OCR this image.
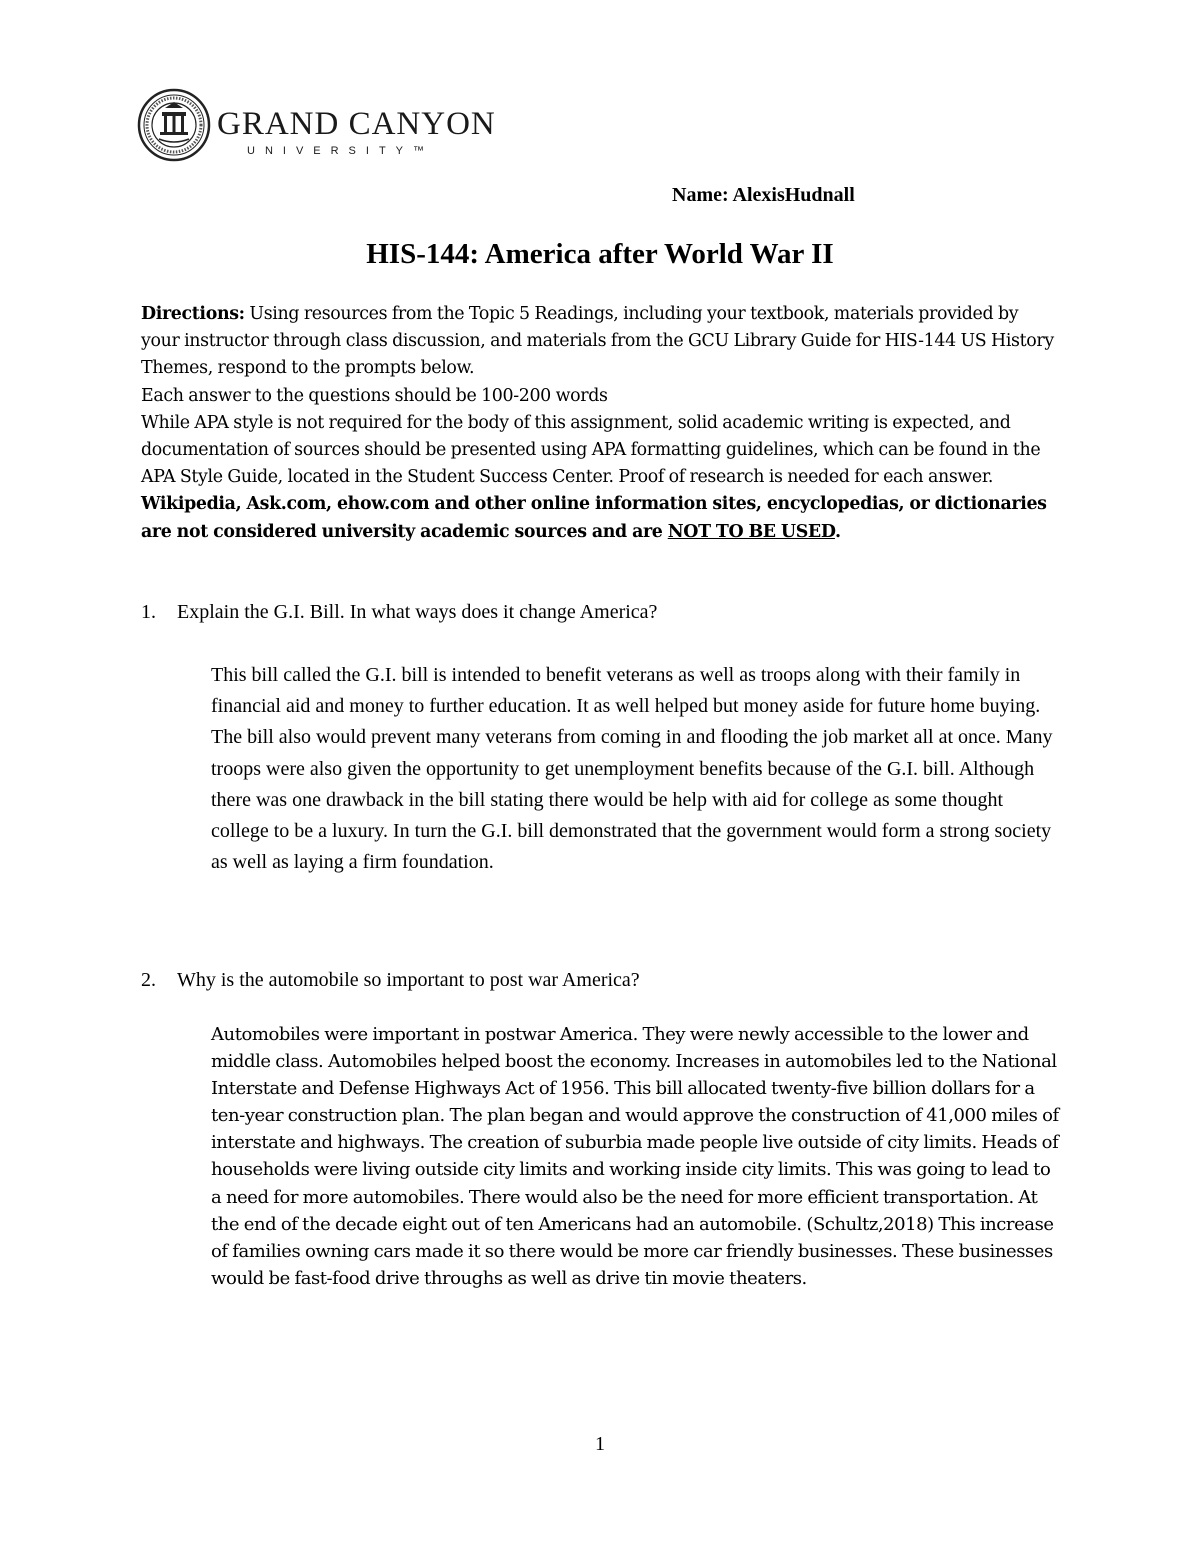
GRAND CANYON
UNIVERSITY™
Name: AlexisHudnall
HIS-144: America after World War II

Directions: Using resources from the Topic 5 Readings, including your textbook, materials provided by your instructor through class discussion, and materials from the GCU Library Guide for HIS-144 US History Themes, respond to the prompts below.

Each answer to the questions should be 100-200 words

While APA style is not required for the body of this assignment, solid academic writing is expected, and documentation of sources should be presented using APA formatting guidelines, which can be found in the APA Style Guide, located in the Student Success Center. Proof of research is needed for each answer.

Wikipedia, Ask.com, ehow.com and other online information sites, encyclopedias, or dictionaries are not considered university academic sources and are NOT TO BE USED.

1. Explain the G.I. Bill. In what ways does it change America?
This bill called the G.I. bill is intended to benefit veterans as well as troops along with their family in financial aid and money to further education. It as well helped but money aside for future home buying. The bill also would prevent many veterans from coming in and flooding the job market all at once. Many troops were also given the opportunity to get unemployment benefits because of the G.I. bill. Although there was one drawback in the bill stating there would be help with aid for college as some thought college to be a luxury. In turn the G.I. bill demonstrated that the government would form a strong society as well as laying a firm foundation.
2. Why is the automobile so important to post war America?
Automobiles were important in postwar America. They were newly accessible to the lower and middle class. Automobiles helped boost the economy. Increases in automobiles led to the National Interstate and Defense Highways Act of 1956. This bill allocated twenty-five billion dollars for a ten-year construction plan. The plan began and would approve the construction of 41,000 miles of interstate and highways. The creation of suburbia made people live outside of city limits. Heads of households were living outside city limits and working inside city limits. This was going to lead to a need for more automobiles. There would also be the need for more efficient transportation. At the end of the decade eight out of ten Americans had an automobile. (Schultz,2018) This increase of families owning cars made it so there would be more car friendly businesses. These businesses would be fast-food drive throughs as well as drive tin movie theaters.
1
